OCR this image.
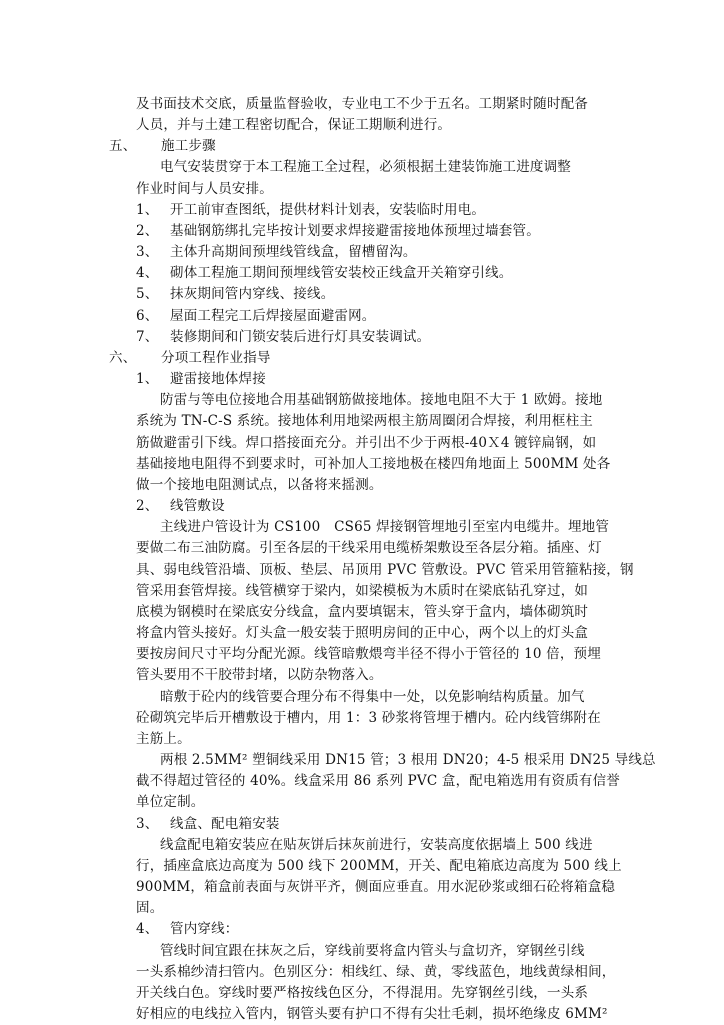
及书面技术交底，质量监督验收，专业电工不少于五名。工期紧时随时配备
人员，并与土建工程密切配合，保证工期顺利进行。
五、 施工步骤
电气安装贯穿于本工程施工全过程，必须根据土建装饰施工进度调整
作业时间与人员安排。
1、 开工前审查图纸，提供材料计划表，安装临时用电。
2、 基础钢筋绑扎完毕按计划要求焊接避雷接地体预埋过墙套管。
3、 主体升高期间预埋线管线盒，留槽留沟。
4、 砌体工程施工期间预埋线管安装校正线盒开关箱穿引线。
5、 抹灰期间管内穿线、接线。
6、 屋面工程完工后焊接屋面避雷网。
7、 装修期间和门锁安装后进行灯具安装调试。
六、 分项工程作业指导
1、 避雷接地体焊接
防雷与等电位接地合用基础钢筋做接地体。接地电阻不大于 1 欧姆。接地
系统为 TN-C-S 系统。接地体利用地梁两根主筋周圈闭合焊接，利用框柱主
筋做避雷引下线。焊口搭接面充分。并引出不少于两根-40Ｘ4 镀锌扁钢，如
基础接地电阻得不到要求时，可补加人工接地极在楼四角地面上 500MM 处各
做一个接地电阻测试点，以备将来摇测。
2、 线管敷设
主线进户管设计为 CS100　CS65 焊接钢管埋地引至室内电缆井。埋地管
要做二布三油防腐。引至各层的干线采用电缆桥架敷设至各层分箱。插座、灯
具、弱电线管沿墙、顶板、垫层、吊顶用 PVC 管敷设。PVC 管采用管箍粘接，钢
管采用套管焊接。线管横穿于梁内，如梁模板为木质时在梁底钻孔穿过，如
底模为钢模时在梁底安分线盒，盒内要填锯末，管头穿于盒内，墙体砌筑时
将盒内管头接好。灯头盒一般安装于照明房间的正中心，两个以上的灯头盒
要按房间尺寸平均分配光源。线管暗敷煨弯半径不得小于管径的 10 倍，预埋
管头要用不干胶带封堵，以防杂物落入。
暗敷于砼内的线管要合理分布不得集中一处，以免影响结构质量。加气
砼砌筑完毕后开槽敷设于槽内，用 1：3 砂浆将管埋于槽内。砼内线管绑附在
主筋上。
两根 2.5MM² 塑铜线采用 DN15 管；3 根用 DN20；4-5 根采用 DN25 导线总
截不得超过管径的 40%。线盒采用 86 系列 PVC 盒，配电箱选用有资质有信誉
单位定制。
3、 线盒、配电箱安装
线盒配电箱安装应在贴灰饼后抹灰前进行，安装高度依据墙上 500 线进
行，插座盒底边高度为 500 线下 200MM，开关、配电箱底边高度为 500 线上
900MM，箱盒前表面与灰饼平齐，侧面应垂直。用水泥砂浆或细石砼将箱盒稳
固。
4、 管内穿线：
管线时间宜跟在抹灰之后，穿线前要将盒内管头与盒切齐，穿钢丝引线
一头系棉纱清扫管内。色别区分：相线红、绿、黄，零线蓝色，地线黄绿相间，
开关线白色。穿线时要严格按线色区分，不得混用。先穿钢丝引线，一头系
好相应的电线拉入管内，钢管头要有护口不得有尖壮毛刺，损坏绝缘皮 6MM²
